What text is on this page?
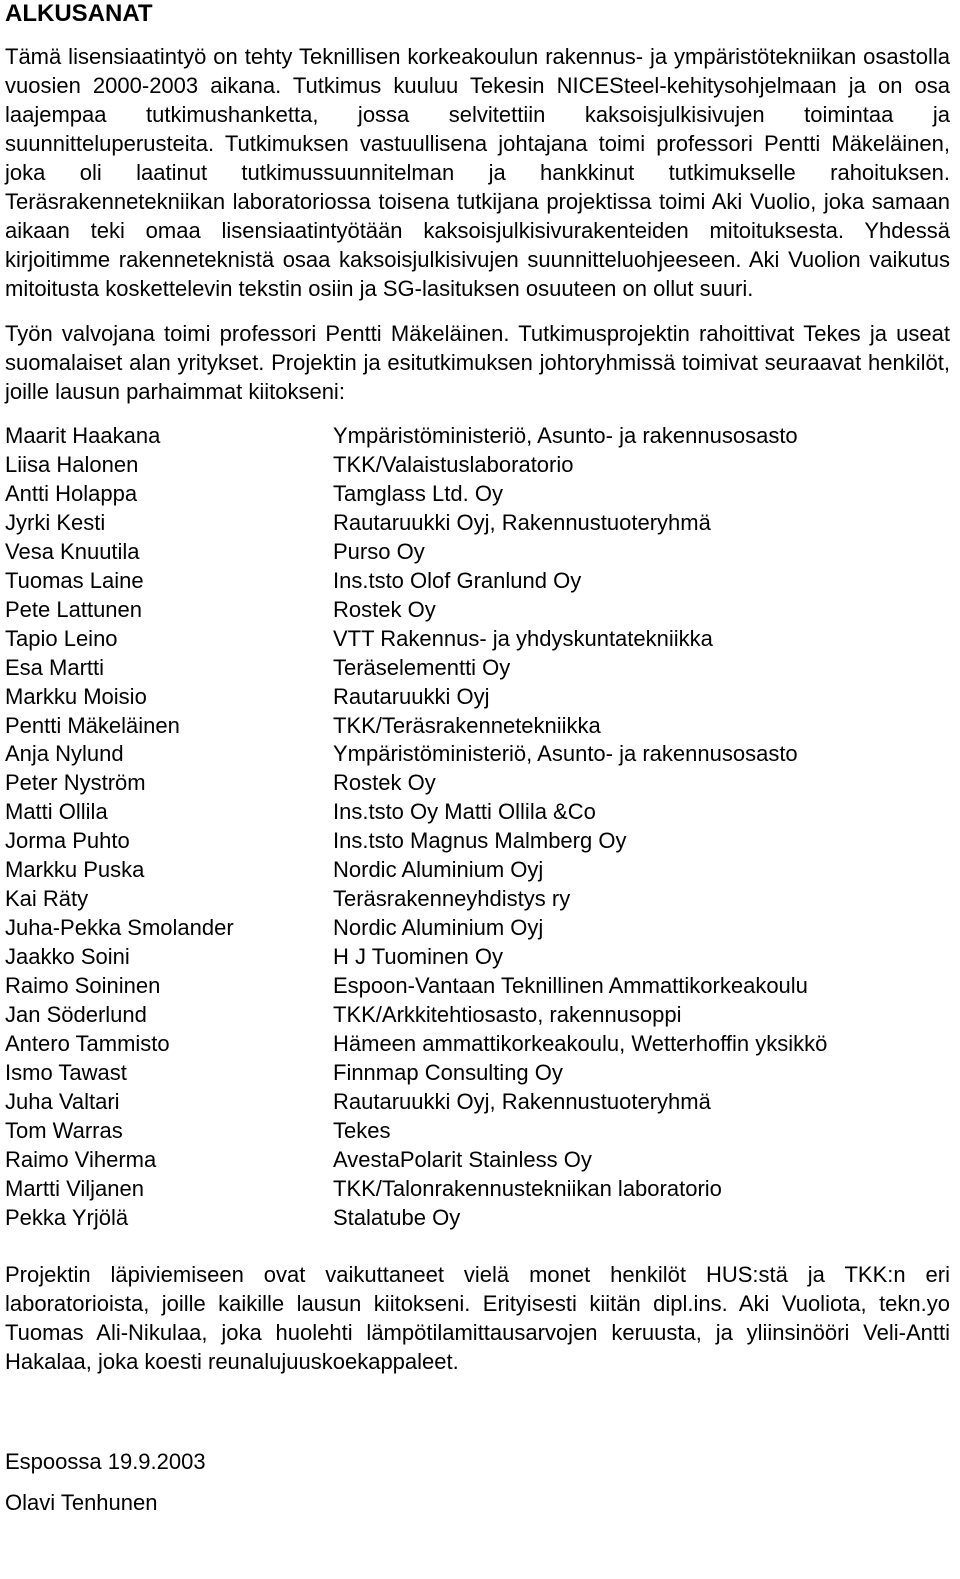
ALKUSANAT

Tämä lisensiaatintyö on tehty Teknillisen korkeakoulun rakennus- ja ympäristötekniikan osastolla vuosien 2000-2003 aikana. Tutkimus kuuluu Tekesin NICESteel-kehitysohjelmaan ja on osa laajempaa tutkimushanketta, jossa selvitettiin kaksoisjulkisivujen toimintaa ja suunnitteluperusteita. Tutkimuksen vastuullisena johtajana toimi professori Pentti Mäkeläinen, joka oli laatinut tutkimussuunnitelman ja hankkinut tutkimukselle rahoituksen. Teräsrakennetekniikan laboratoriossa toisena tutkijana projektissa toimi Aki Vuolio, joka samaan aikaan teki omaa lisensiaatintyötään kaksoisjulkisivurakenteiden mitoituksesta. Yhdessä kirjoitimme rakenneteknistä osaa kaksoisjulkisivujen suunnitteluohjeeseen. Aki Vuolion vaikutus mitoitusta koskettelevin tekstin osiin ja SG-lasituksen osuuteen on ollut suuri.

Työn valvojana toimi professori Pentti Mäkeläinen. Tutkimusprojektin rahoittivat Tekes ja useat suomalaiset alan yritykset. Projektin ja esitutkimuksen johtoryhmissä toimivat seuraavat henkilöt, joille lausun parhaimmat kiitokseni:

Maarit Haakana	Ympäristöministeriö, Asunto- ja rakennusosasto
Liisa Halonen	TKK/Valaistuslaboratorio
Antti Holappa	Tamglass Ltd. Oy
Jyrki Kesti	Rautaruukki Oyj, Rakennustuoteryhmä
Vesa Knuutila	Purso Oy
Tuomas Laine	Ins.tsto Olof Granlund Oy
Pete Lattunen	Rostek Oy
Tapio Leino	VTT Rakennus- ja yhdyskuntatekniikka
Esa Martti	Teräselementti Oy
Markku Moisio	Rautaruukki Oyj
Pentti Mäkeläinen	TKK/Teräsrakennetekniikka
Anja Nylund	Ympäristöministeriö, Asunto- ja rakennusosasto
Peter Nyström	Rostek Oy
Matti Ollila	Ins.tsto Oy Matti Ollila &Co
Jorma Puhto	Ins.tsto Magnus Malmberg Oy
Markku Puska	Nordic Aluminium Oyj
Kai Räty	Teräsrakenneyhdistys ry
Juha-Pekka Smolander	Nordic Aluminium Oyj
Jaakko Soini	H J Tuominen Oy
Raimo Soininen	Espoon-Vantaan Teknillinen Ammattikorkeakoulu
Jan Söderlund	TKK/Arkkitehtiosasto, rakennusoppi
Antero Tammisto	Hämeen ammattikorkeakoulu, Wetterhoffin yksikkö
Ismo Tawast	Finnmap Consulting Oy
Juha Valtari	Rautaruukki Oyj, Rakennustuoteryhmä
Tom Warras	Tekes
Raimo Viherma	AvestaPolarit Stainless Oy
Martti Viljanen	TKK/Talonrakennustekniikan laboratorio
Pekka Yrjölä	Stalatube Oy

Projektin läpiviemiseen ovat vaikuttaneet vielä monet henkilöt HUS:stä ja TKK:n eri laboratorioista, joille kaikille lausun kiitokseni. Erityisesti kiitän dipl.ins. Aki Vuoliota, tekn.yo Tuomas Ali-Nikulaa, joka huolehti lämpötilamittausarvojen keruusta, ja yliinsinööri Veli-Antti Hakalaa, joka koesti reunalujuuskoekappaleet.

Espoossa 19.9.2003
Olavi Tenhunen
